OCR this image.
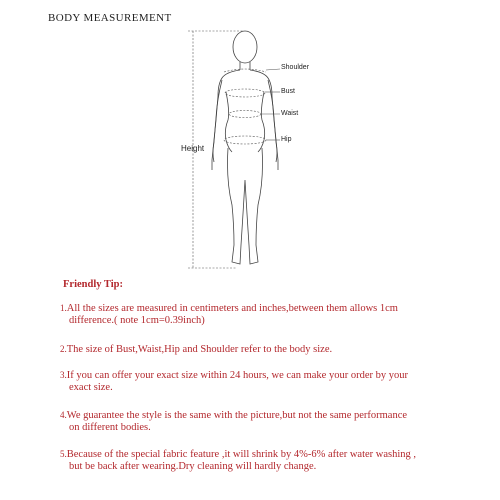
BODY MEASUREMENT
Shoulder
Bust
Waist
Hip
Height
Friendly Tip:
1.All the sizes are measured in centimeters and inches,between them allows 1cm
difference.( note 1cm=0.39inch)
2.The size of Bust,Waist,Hip and Shoulder refer to the body size.
3.If you can offer your exact size within 24 hours, we can make your order by your
exact size.
4.We guarantee the style is the same with the picture,but not the same performance
on different bodies.
5.Because of the special fabric feature ,it will shrink by 4%-6% after water washing ,
but be back after wearing.Dry cleaning will hardly change.
